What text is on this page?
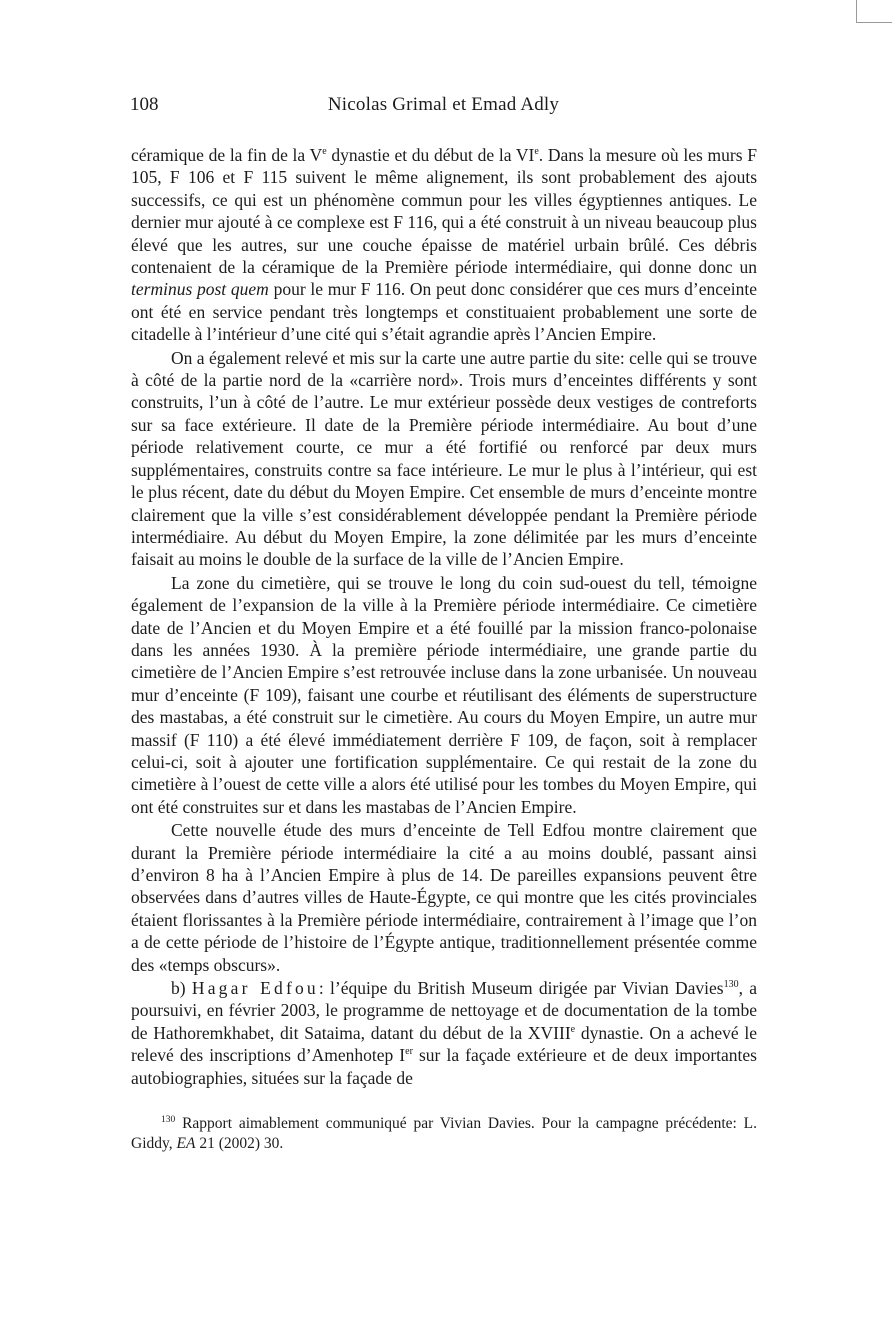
108	Nicolas Grimal et Emad Adly

céramique de la fin de la Ve dynastie et du début de la VIe. Dans la mesure où les murs F 105, F 106 et F 115 suivent le même alignement, ils sont probablement des ajouts successifs, ce qui est un phénomène commun pour les villes égyptiennes antiques. Le dernier mur ajouté à ce complexe est F 116, qui a été construit à un niveau beaucoup plus élevé que les autres, sur une couche épaisse de matériel urbain brûlé. Ces débris contenaient de la céramique de la Première période intermédiaire, qui donne donc un terminus post quem pour le mur F 116. On peut donc considérer que ces murs d’enceinte ont été en service pendant très longtemps et constituaient probablement une sorte de citadelle à l’intérieur d’une cité qui s’était agrandie après l’Ancien Empire.

On a également relevé et mis sur la carte une autre partie du site: celle qui se trouve à côté de la partie nord de la «carrière nord». Trois murs d’enceintes différents y sont construits, l’un à côté de l’autre. Le mur extérieur possède deux vestiges de contreforts sur sa face extérieure. Il date de la Première période intermédiaire. Au bout d’une période relativement courte, ce mur a été fortifié ou renforcé par deux murs supplémentaires, construits contre sa face intérieure. Le mur le plus à l’intérieur, qui est le plus récent, date du début du Moyen Empire. Cet ensemble de murs d’enceinte montre clairement que la ville s’est considérablement développée pendant la Première période intermédiaire. Au début du Moyen Empire, la zone délimitée par les murs d’enceinte faisait au moins le double de la surface de la ville de l’Ancien Empire.

La zone du cimetière, qui se trouve le long du coin sud-ouest du tell, témoigne également de l’expansion de la ville à la Première période intermédiaire. Ce cimetière date de l’Ancien et du Moyen Empire et a été fouillé par la mission franco-polonaise dans les années 1930. À la première période intermédiaire, une grande partie du cimetière de l’Ancien Empire s’est retrouvée incluse dans la zone urbanisée. Un nouveau mur d’enceinte (F 109), faisant une courbe et réutilisant des éléments de superstructure des mastabas, a été construit sur le cimetière. Au cours du Moyen Empire, un autre mur massif (F 110) a été élevé immédiatement derrière F 109, de façon, soit à remplacer celui-ci, soit à ajouter une fortification supplémentaire. Ce qui restait de la zone du cimetière à l’ouest de cette ville a alors été utilisé pour les tombes du Moyen Empire, qui ont été construites sur et dans les mastabas de l’Ancien Empire.

Cette nouvelle étude des murs d’enceinte de Tell Edfou montre clairement que durant la Première période intermédiaire la cité a au moins doublé, passant ainsi d’environ 8 ha à l’Ancien Empire à plus de 14. De pareilles expansions peuvent être observées dans d’autres villes de Haute-Égypte, ce qui montre que les cités provinciales étaient florissantes à la Première période intermédiaire, contrairement à l’image que l’on a de cette période de l’histoire de l’Égypte antique, traditionnellement présentée comme des «temps obscurs».

b) Hagar Edfou: l’équipe du British Museum dirigée par Vivian Davies$^{130}$, a poursuivi, en février 2003, le programme de nettoyage et de documentation de la tombe de Hathoremkhabet, dit Sataima, datant du début de la XVIIIe dynastie. On a achevé le relevé des inscriptions d’Amenhotep Ier sur la façade extérieure et de deux importantes autobiographies, situées sur la façade de

$^{130}$ Rapport aimablement communiqué par Vivian Davies. Pour la campagne précédente: L. Giddy, EA 21 (2002) 30.
